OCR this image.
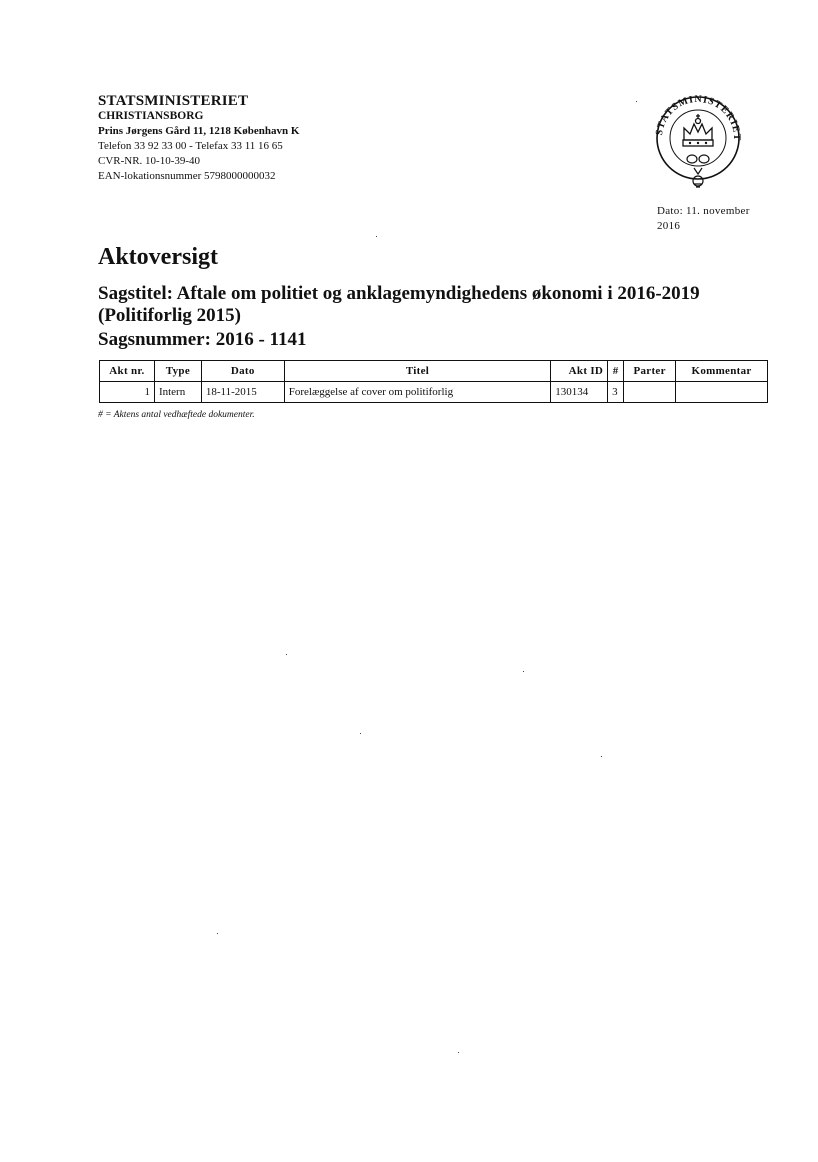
STATSMINISTERIET
CHRISTIANSBORG
Prins Jørgens Gård 11, 1218 København K
Telefon 33 92 33 00 - Telefax 33 11 16 65
CVR-NR. 10-10-39-40
EAN-lokationsnummer 5798000000032
STATSMINISTERIET
Dato: 11. november
2016
Aktoversigt
Sagstitel: Aftale om politiet og anklagemyndighedens økonomi i 2016-2019 (Politiforlig 2015)
Sagsnummer: 2016 - 1141
Akt nr.	Type	Dato	Titel	Akt ID	#	Parter	Kommentar
1	Intern	18-11-2015	Forelæggelse af cover om politiforlig	130134	3		
# = Aktens antal vedhæftede dokumenter.
